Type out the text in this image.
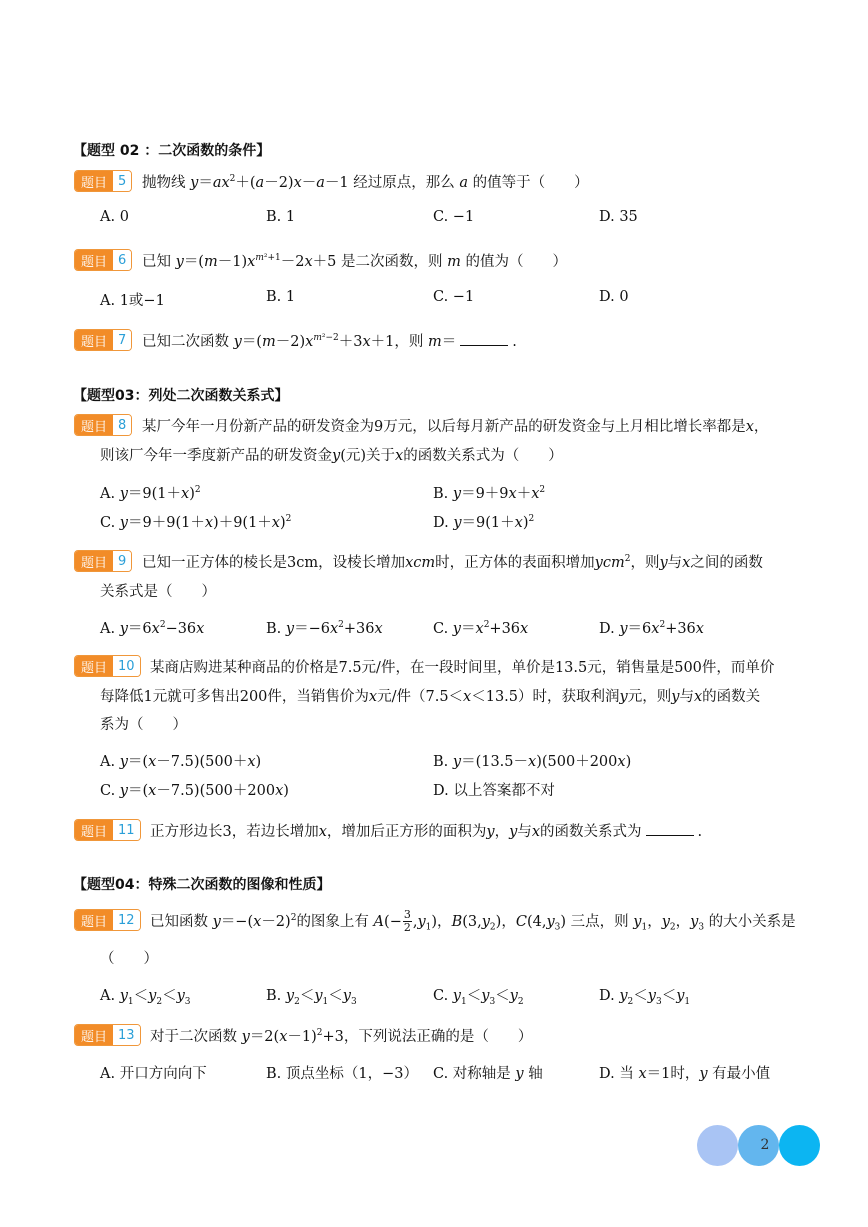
【题型 02 ：二次函数的条件】
题目 5	抛物线 $y=ax^2+(a-2)x-a-1$ 经过原点，那么 a 的值等于（　　）
A. 0	B. 1	C. −1	D. 35
题目 6	已知 $y=(m-1)x^{m^2+1}-2x+5$ 是二次函数，则 m 的值为（　　）
A. 1或−1	B. 1	C. −1	D. 0
题目 7	已知二次函数 $y=(m-2)x^{m^2-2}+3x+1$，则 m＝	.
【题型03：列处二次函数关系式】
题目 8	某厂今年一月份新产品的研发资金为9万元，以后每月新产品的研发资金与上月相比增长率都是x，
则该厂今年一季度新产品的研发资金y(元)关于x的函数关系式为（　　）
A. $y=9(1+x)^2$	B. $y=9+9x+x^2$
C. $y=9+9(1+x)+9(1+x)^2$	D. $y=9(1+x)^2$
题目 9	已知一正方体的棱长是3cm，设棱长增加xcm时，正方体的表面积增加ycm$^2$，则y与x之间的函数
关系式是（　　）
A. $y=6x^2-36x$	B. $y=-6x^2+36x$	C. $y=x^2+36x$	D. $y=6x^2+36x$
题目 10	某商店购进某种商品的价格是7.5元/件，在一段时间里，单价是13.5元，销售量是500件，而单价
每降低1元就可多售出200件，当销售价为x元/件（7.5＜x＜13.5）时，获取利润y元，则y与x的函数关
系为（　　）
A. y＝(x－7.5)(500＋x)	B. y＝(13.5－x)(500＋200x)
C. y＝(x－7.5)(500＋200x)	D. 以上答案都不对
题目 11	正方形边长3，若边长增加x，增加后正方形的面积为y，y与x的函数关系式为	.
【题型04：特殊二次函数的图像和性质】
题目 12	已知函数 $y=-(x-2)^2$的图象上有 $A(- \frac{3}{2} ,y_1)$，$B(3,y_2)$，$C(4,y_3)$ 三点，则 $y_1$，$y_2$，$y_3$ 的大小关系是
（　　）
A. $y_1<y_2<y_3$	B. $y_2<y_1<y_3$	C. $y_1<y_3<y_2$	D. $y_2<y_3<y_1$
题目 13	对于二次函数 $y=2(x-1)^2+3$，下列说法正确的是（　　）
A. 开口方向向下	B. 顶点坐标（1，−3） C. 对称轴是 y 轴	D. 当 x＝1时，y 有最小值
2
